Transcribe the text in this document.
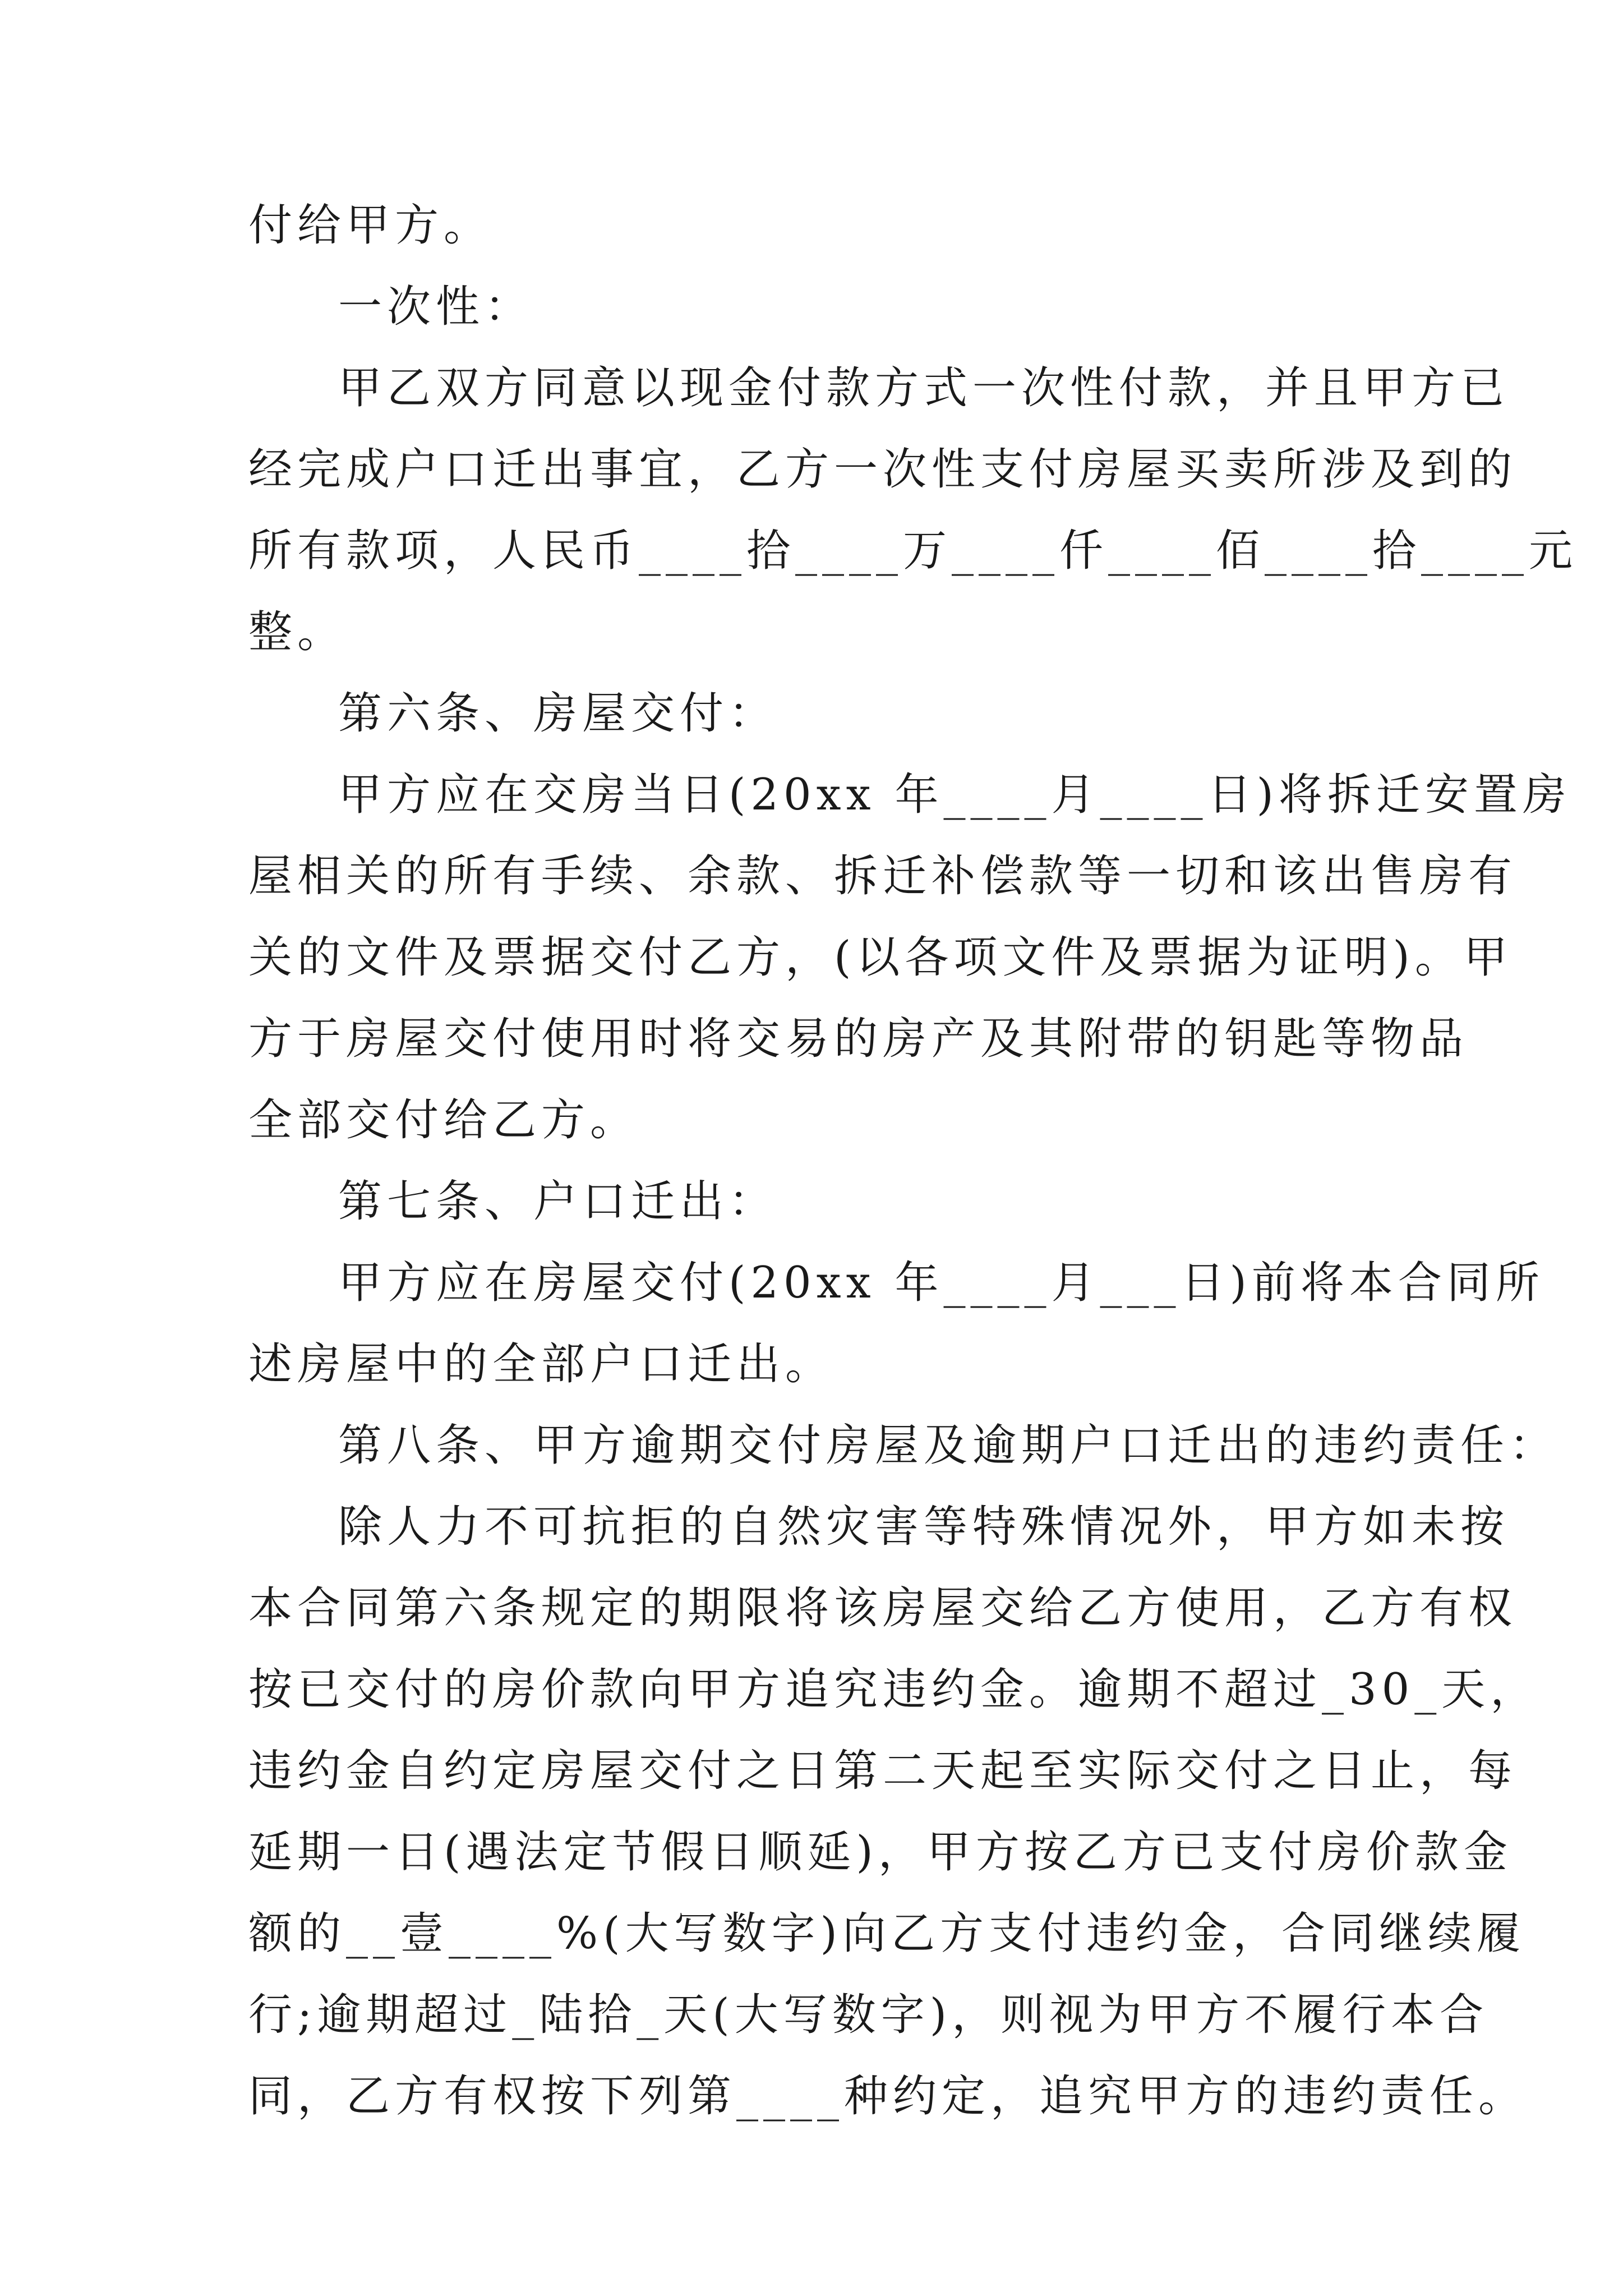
付给甲方。
一次性：
甲乙双方同意以现金付款方式一次性付款，并且甲方已
经完成户口迁出事宜，乙方一次性支付房屋买卖所涉及到的
所有款项，人民币____拾____万____仟____佰____拾____元
整。
第六条、房屋交付：
甲方应在交房当日(20xx 年____月____日)将拆迁安置房
屋相关的所有手续、余款、拆迁补偿款等一切和该出售房有
关的文件及票据交付乙方，(以各项文件及票据为证明)。甲
方于房屋交付使用时将交易的房产及其附带的钥匙等物品
全部交付给乙方。
第七条、户口迁出：
甲方应在房屋交付(20xx 年____月___日)前将本合同所
述房屋中的全部户口迁出。
第八条、甲方逾期交付房屋及逾期户口迁出的违约责任：
除人力不可抗拒的自然灾害等特殊情况外，甲方如未按
本合同第六条规定的期限将该房屋交给乙方使用，乙方有权
按已交付的房价款向甲方追究违约金。逾期不超过_30_天，
违约金自约定房屋交付之日第二天起至实际交付之日止，每
延期一日(遇法定节假日顺延)，甲方按乙方已支付房价款金
额的__壹____%(大写数字)向乙方支付违约金，合同继续履
行;逾期超过_陆拾_天(大写数字)，则视为甲方不履行本合
同，乙方有权按下列第____种约定，追究甲方的违约责任。
